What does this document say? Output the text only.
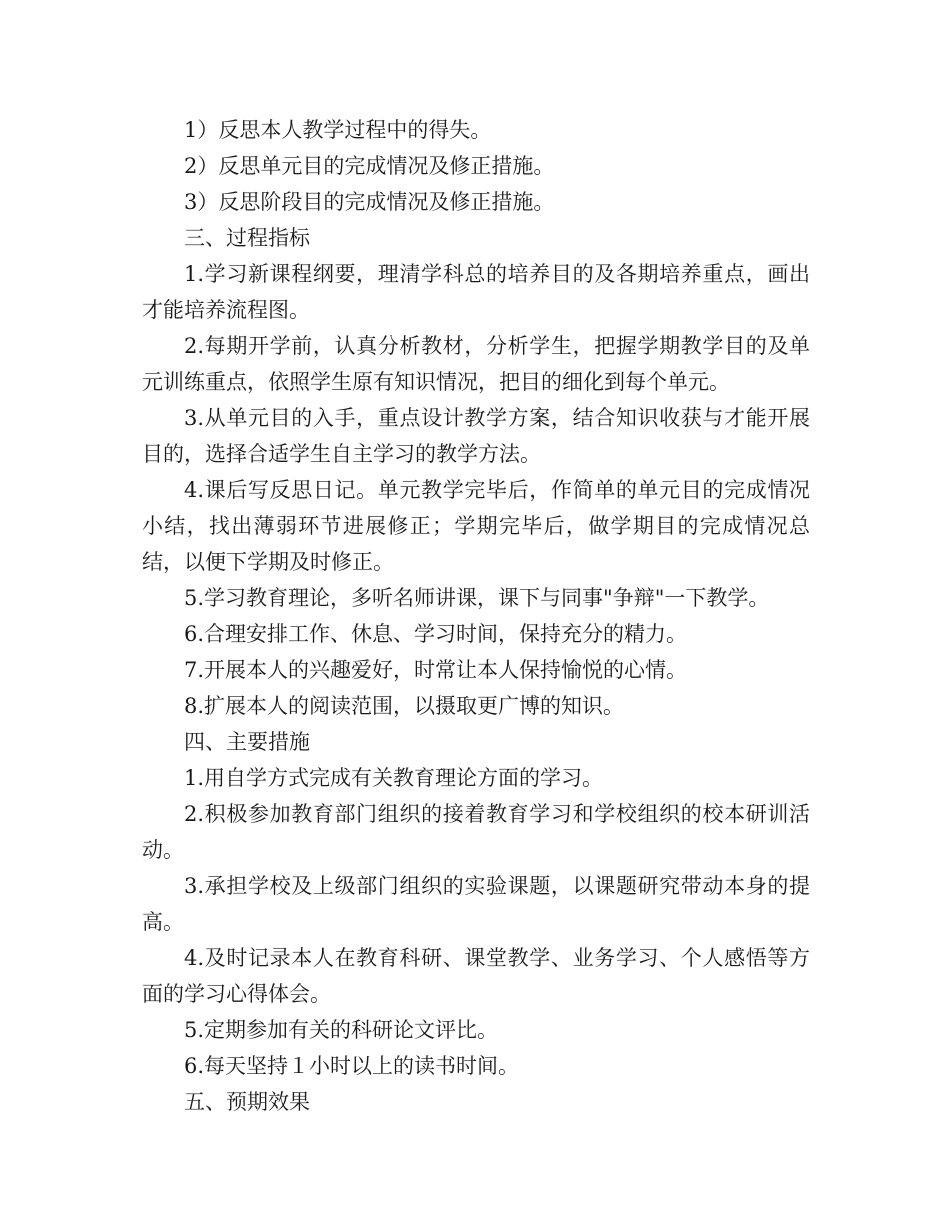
1）反思本人教学过程中的得失。

2）反思单元目的完成情况及修正措施。

3）反思阶段目的完成情况及修正措施。

三、过程指标

1.学习新课程纲要，理清学科总的培养目的及各期培养重点，画出才能培养流程图。

2.每期开学前，认真分析教材，分析学生，把握学期教学目的及单元训练重点，依照学生原有知识情况，把目的细化到每个单元。

3.从单元目的入手，重点设计教学方案，结合知识收获与才能开展目的，选择合适学生自主学习的教学方法。

4.课后写反思日记。单元教学完毕后，作简单的单元目的完成情况小结，找出薄弱环节进展修正；学期完毕后，做学期目的完成情况总结，以便下学期及时修正。

5.学习教育理论，多听名师讲课，课下与同事"争辩"一下教学。

6.合理安排工作、休息、学习时间，保持充分的精力。

7.开展本人的兴趣爱好，时常让本人保持愉悦的心情。

8.扩展本人的阅读范围，以摄取更广博的知识。

四、主要措施

1.用自学方式完成有关教育理论方面的学习。

2.积极参加教育部门组织的接着教育学习和学校组织的校本研训活动。

3.承担学校及上级部门组织的实验课题，以课题研究带动本身的提高。

4.及时记录本人在教育科研、课堂教学、业务学习、个人感悟等方面的学习心得体会。

5.定期参加有关的科研论文评比。

6.每天坚持１小时以上的读书时间。

五、预期效果
